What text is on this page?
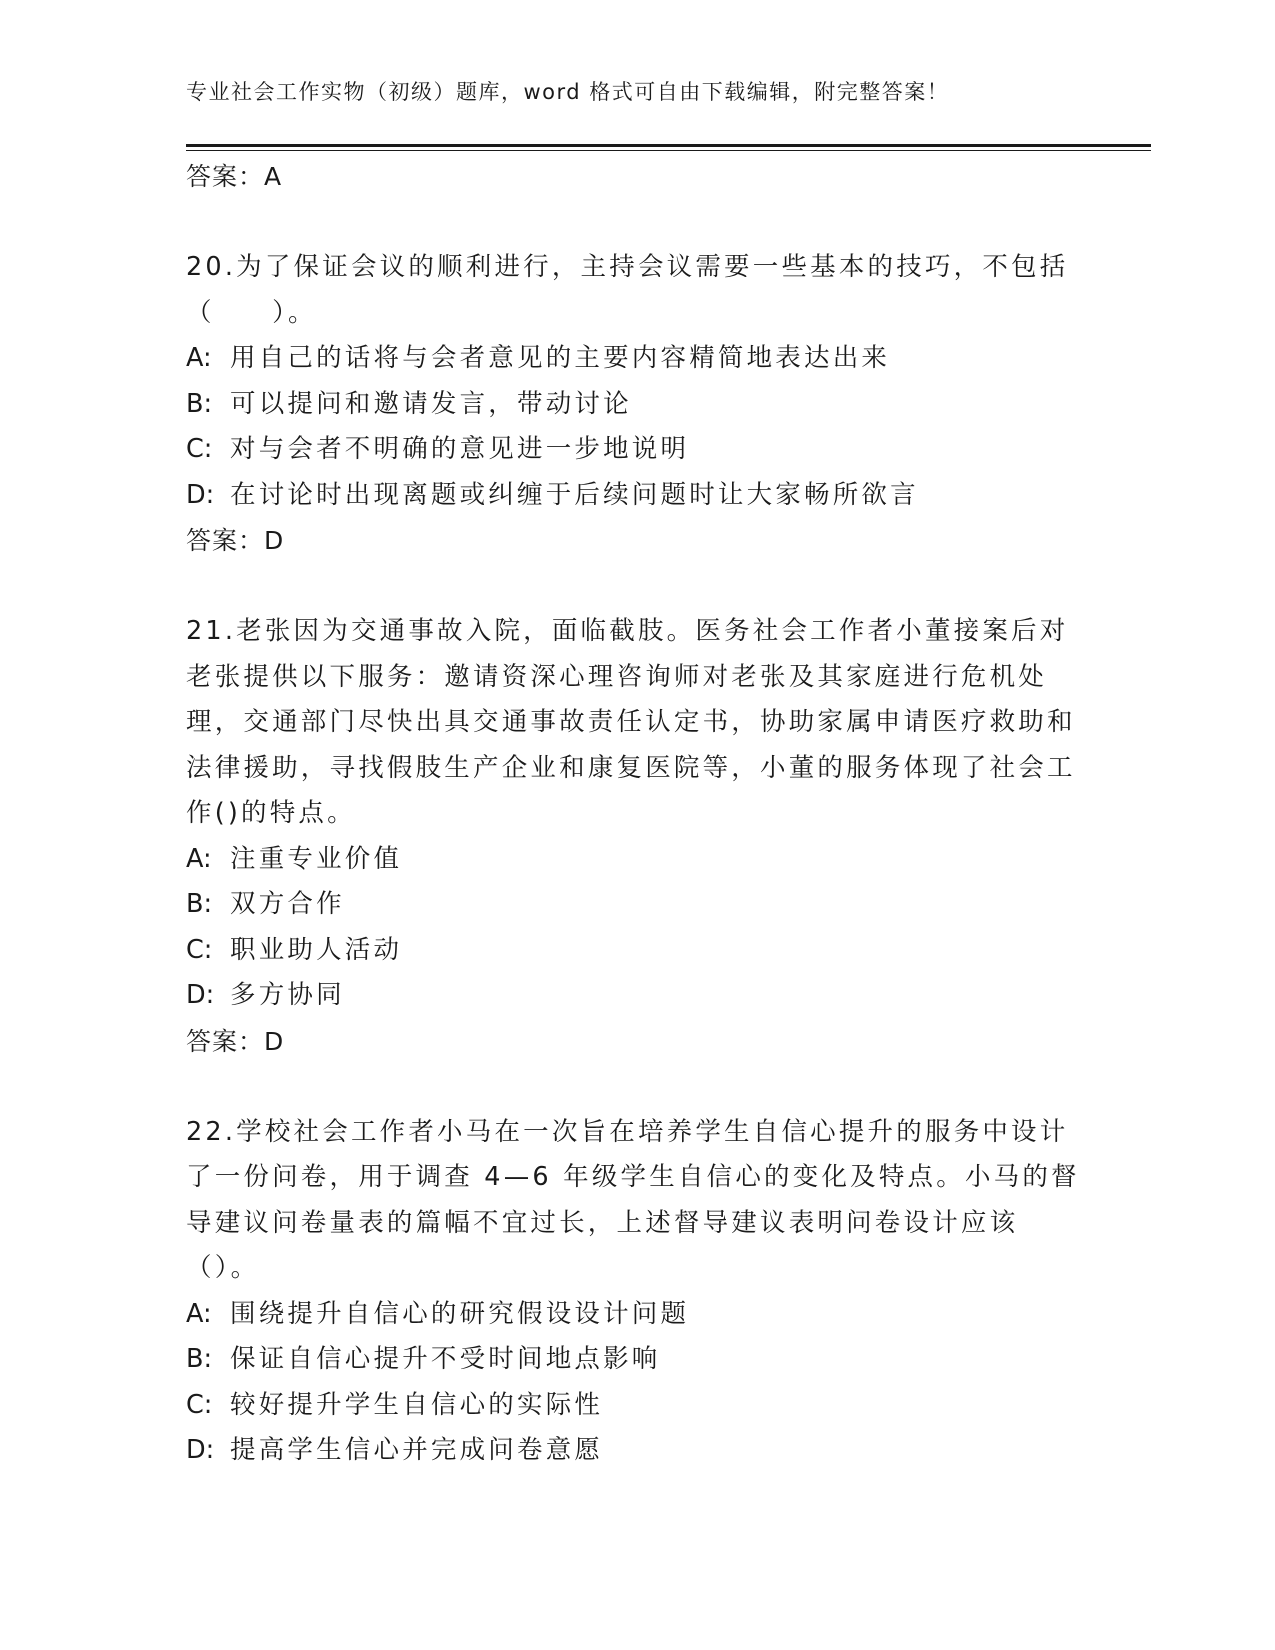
专业社会工作实物（初级）题库，word 格式可自由下载编辑，附完整答案！
答案：A

20.为了保证会议的顺利进行，主持会议需要一些基本的技巧，不包括（　　）。

A: 用自己的话将与会者意见的主要内容精简地表达出来
B: 可以提问和邀请发言，带动讨论
C: 对与会者不明确的意见进一步地说明
D: 在讨论时出现离题或纠缠于后续问题时让大家畅所欲言
答案：D

21.老张因为交通事故入院，面临截肢。医务社会工作者小董接案后对老张提供以下服务：邀请资深心理咨询师对老张及其家庭进行危机处理，交通部门尽快出具交通事故责任认定书，协助家属申请医疗救助和法律援助，寻找假肢生产企业和康复医院等，小董的服务体现了社会工作()的特点。

A: 注重专业价值
B: 双方合作
C: 职业助人活动
D: 多方协同
答案：D

22.学校社会工作者小马在一次旨在培养学生自信心提升的服务中设计了一份问卷，用于调查 4—6 年级学生自信心的变化及特点。小马的督导建议问卷量表的篇幅不宜过长，上述督导建议表明问卷设计应该（）。

A: 围绕提升自信心的研究假设设计问题
B: 保证自信心提升不受时间地点影响
C: 较好提升学生自信心的实际性
D: 提高学生信心并完成问卷意愿
